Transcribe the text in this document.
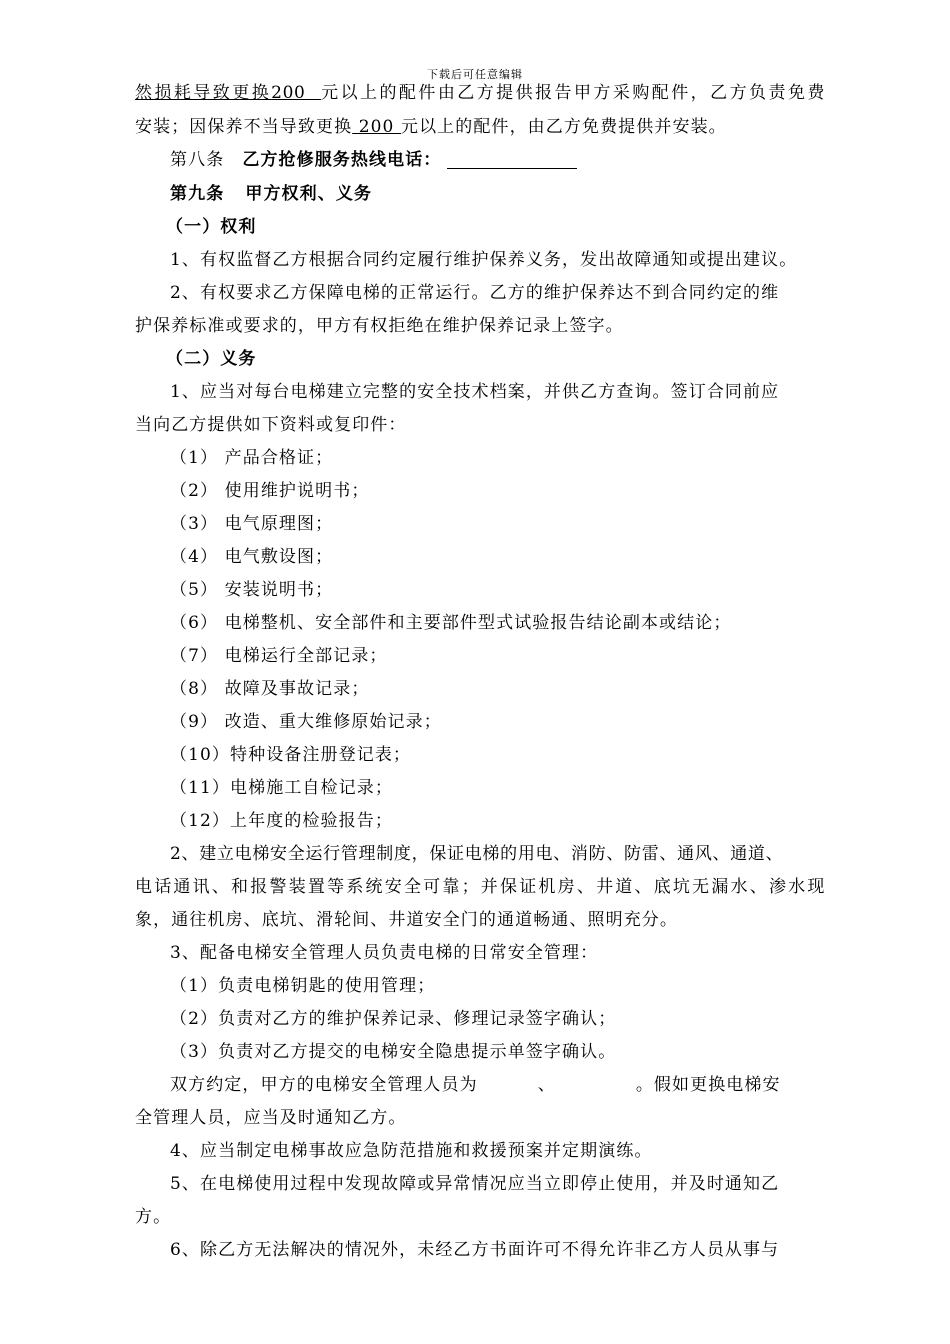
下载后可任意编辑
然损耗导致更换200  元以上的配件由乙方提供报告甲方采购配件，乙方负责免费
安装；因保养不当导致更换 200 元以上的配件，由乙方免费提供并安装。
第八条 乙方抢修服务热线电话：
第九条   甲方权利、义务
（一）权利
1、有权监督乙方根据合同约定履行维护保养义务，发出故障通知或提出建议。
2、有权要求乙方保障电梯的正常运行。乙方的维护保养达不到合同约定的维
护保养标准或要求的，甲方有权拒绝在维护保养记录上签字。
（二）义务
1、应当对每台电梯建立完整的安全技术档案，并供乙方查询。签订合同前应
当向乙方提供如下资料或复印件：
（1） 产品合格证；
（2） 使用维护说明书；
（3） 电气原理图；
（4） 电气敷设图；
（5） 安装说明书；
（6） 电梯整机、安全部件和主要部件型式试验报告结论副本或结论；
（7） 电梯运行全部记录；
（8） 故障及事故记录；
（9） 改造、重大维修原始记录；
（10）特种设备注册登记表；
（11）电梯施工自检记录；
（12）上年度的检验报告；
2、建立电梯安全运行管理制度，保证电梯的用电、消防、防雷、通风、通道、
电话通讯、和报警装置等系统安全可靠；并保证机房、井道、底坑无漏水、渗水现
象，通往机房、底坑、滑轮间、井道安全门的通道畅通、照明充分。
3、配备电梯安全管理人员负责电梯的日常安全管理：
（1）负责电梯钥匙的使用管理；
（2）负责对乙方的维护保养记录、修理记录签字确认；
（3）负责对乙方提交的电梯安全隐患提示单签字确认。
双方约定，甲方的电梯安全管理人员为	、	。假如更换电梯安
全管理人员，应当及时通知乙方。
4、应当制定电梯事故应急防范措施和救援预案并定期演练。
5、在电梯使用过程中发现故障或异常情况应当立即停止使用，并及时通知乙
方。
6、除乙方无法解决的情况外，未经乙方书面许可不得允许非乙方人员从事与
